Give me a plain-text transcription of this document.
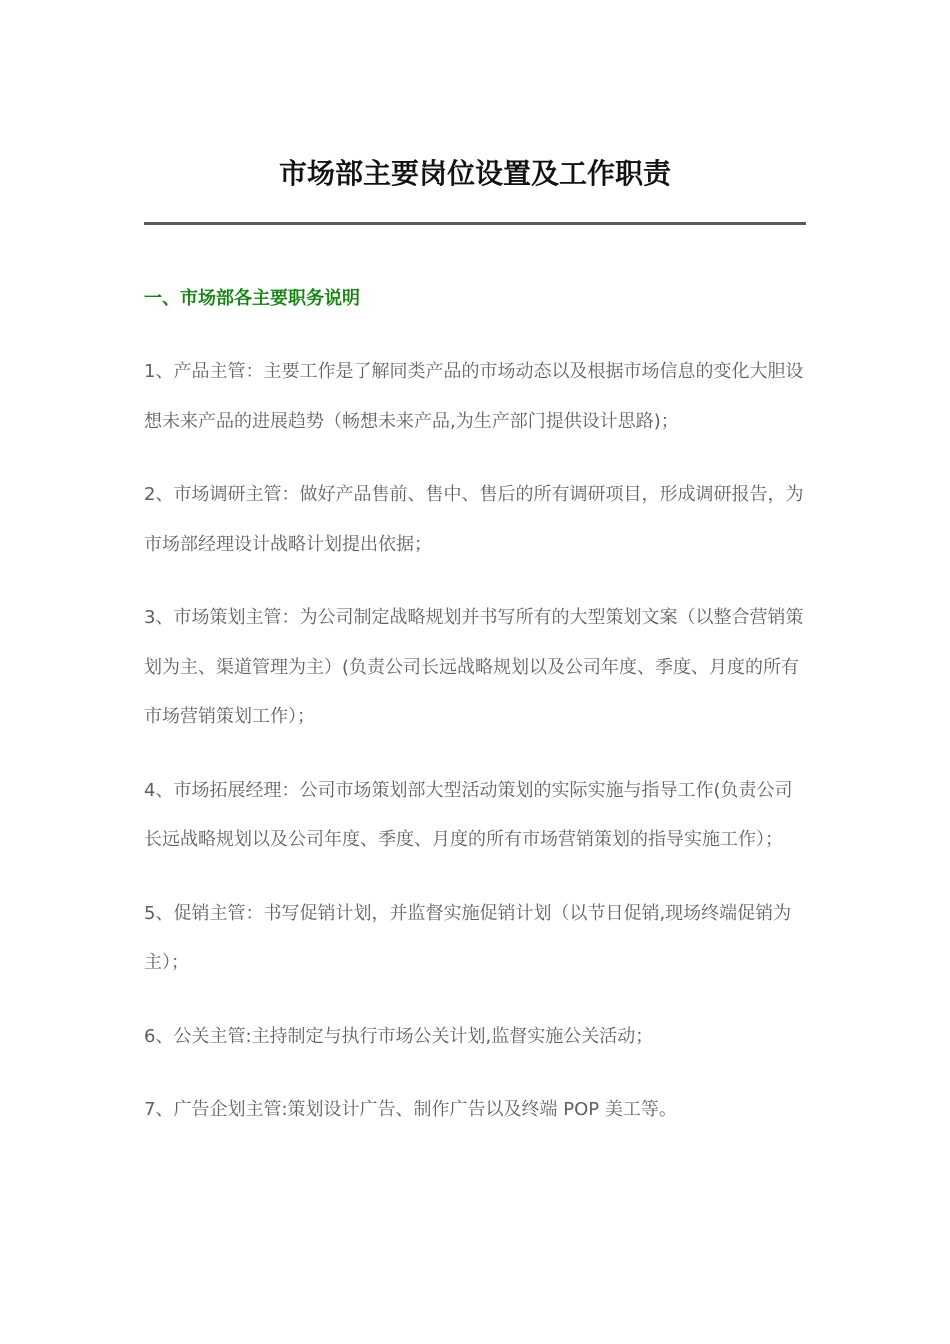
市场部主要岗位设置及工作职责
一、市场部各主要职务说明

1、产品主管：主要工作是了解同类产品的市场动态以及根据市场信息的变化大胆设想未来产品的进展趋势（畅想未来产品,为生产部门提供设计思路)；

2、市场调研主管：做好产品售前、售中、售后的所有调研项目，形成调研报告，为市场部经理设计战略计划提出依据；

3、市场策划主管：为公司制定战略规划并书写所有的大型策划文案（以整合营销策划为主、渠道管理为主）(负责公司长远战略规划以及公司年度、季度、月度的所有市场营销策划工作）；

4、市场拓展经理：公司市场策划部大型活动策划的实际实施与指导工作(负责公司长远战略规划以及公司年度、季度、月度的所有市场营销策划的指导实施工作）；

5、促销主管：书写促销计划，并监督实施促销计划（以节日促销,现场终端促销为主）；

6、公关主管:主持制定与执行市场公关计划,监督实施公关活动；

7、广告企划主管:策划设计广告、制作广告以及终端 POP 美工等。
